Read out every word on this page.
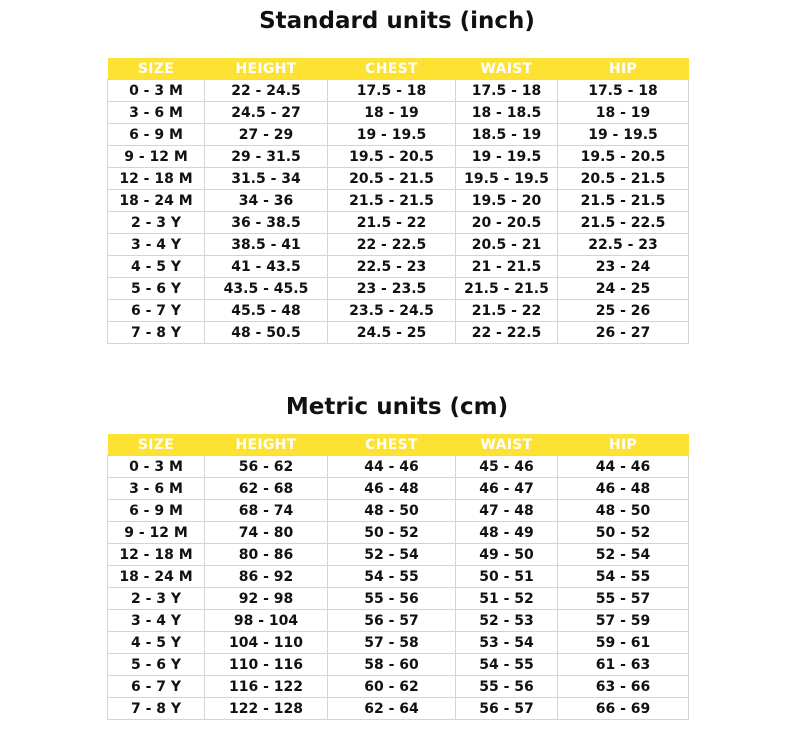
Standard units (inch)
SIZE	HEIGHT	CHEST	WAIST	HIP
0 - 3 M	22 - 24.5	17.5 - 18	17.5 - 18	17.5 - 18
3 - 6 M	24.5 - 27	18 - 19	18 - 18.5	18 - 19
6 - 9 M	27 - 29	19 - 19.5	18.5 - 19	19 - 19.5
9 - 12 M	29 - 31.5	19.5 - 20.5	19 - 19.5	19.5 - 20.5
12 - 18 M	31.5 - 34	20.5 - 21.5	19.5 - 19.5	20.5 - 21.5
18 - 24 M	34 - 36	21.5 - 21.5	19.5 - 20	21.5 - 21.5
2 - 3 Y	36 - 38.5	21.5 - 22	20 - 20.5	21.5 - 22.5
3 - 4 Y	38.5 - 41	22 - 22.5	20.5 - 21	22.5 - 23
4 - 5 Y	41 - 43.5	22.5 - 23	21 - 21.5	23 - 24
5 - 6 Y	43.5 - 45.5	23 - 23.5	21.5 - 21.5	24 - 25
6 - 7 Y	45.5 - 48	23.5 - 24.5	21.5 - 22	25 - 26
7 - 8 Y	48 - 50.5	24.5 - 25	22 - 22.5	26 - 27
Metric units (cm)
SIZE	HEIGHT	CHEST	WAIST	HIP
0 - 3 M	56 - 62	44 - 46	45 - 46	44 - 46
3 - 6 M	62 - 68	46 - 48	46 - 47	46 - 48
6 - 9 M	68 - 74	48 - 50	47 - 48	48 - 50
9 - 12 M	74 - 80	50 - 52	48 - 49	50 - 52
12 - 18 M	80 - 86	52 - 54	49 - 50	52 - 54
18 - 24 M	86 - 92	54 - 55	50 - 51	54 - 55
2 - 3 Y	92 - 98	55 - 56	51 - 52	55 - 57
3 - 4 Y	98 - 104	56 - 57	52 - 53	57 - 59
4 - 5 Y	104 - 110	57 - 58	53 - 54	59 - 61
5 - 6 Y	110 - 116	58 - 60	54 - 55	61 - 63
6 - 7 Y	116 - 122	60 - 62	55 - 56	63 - 66
7 - 8 Y	122 - 128	62 - 64	56 - 57	66 - 69
